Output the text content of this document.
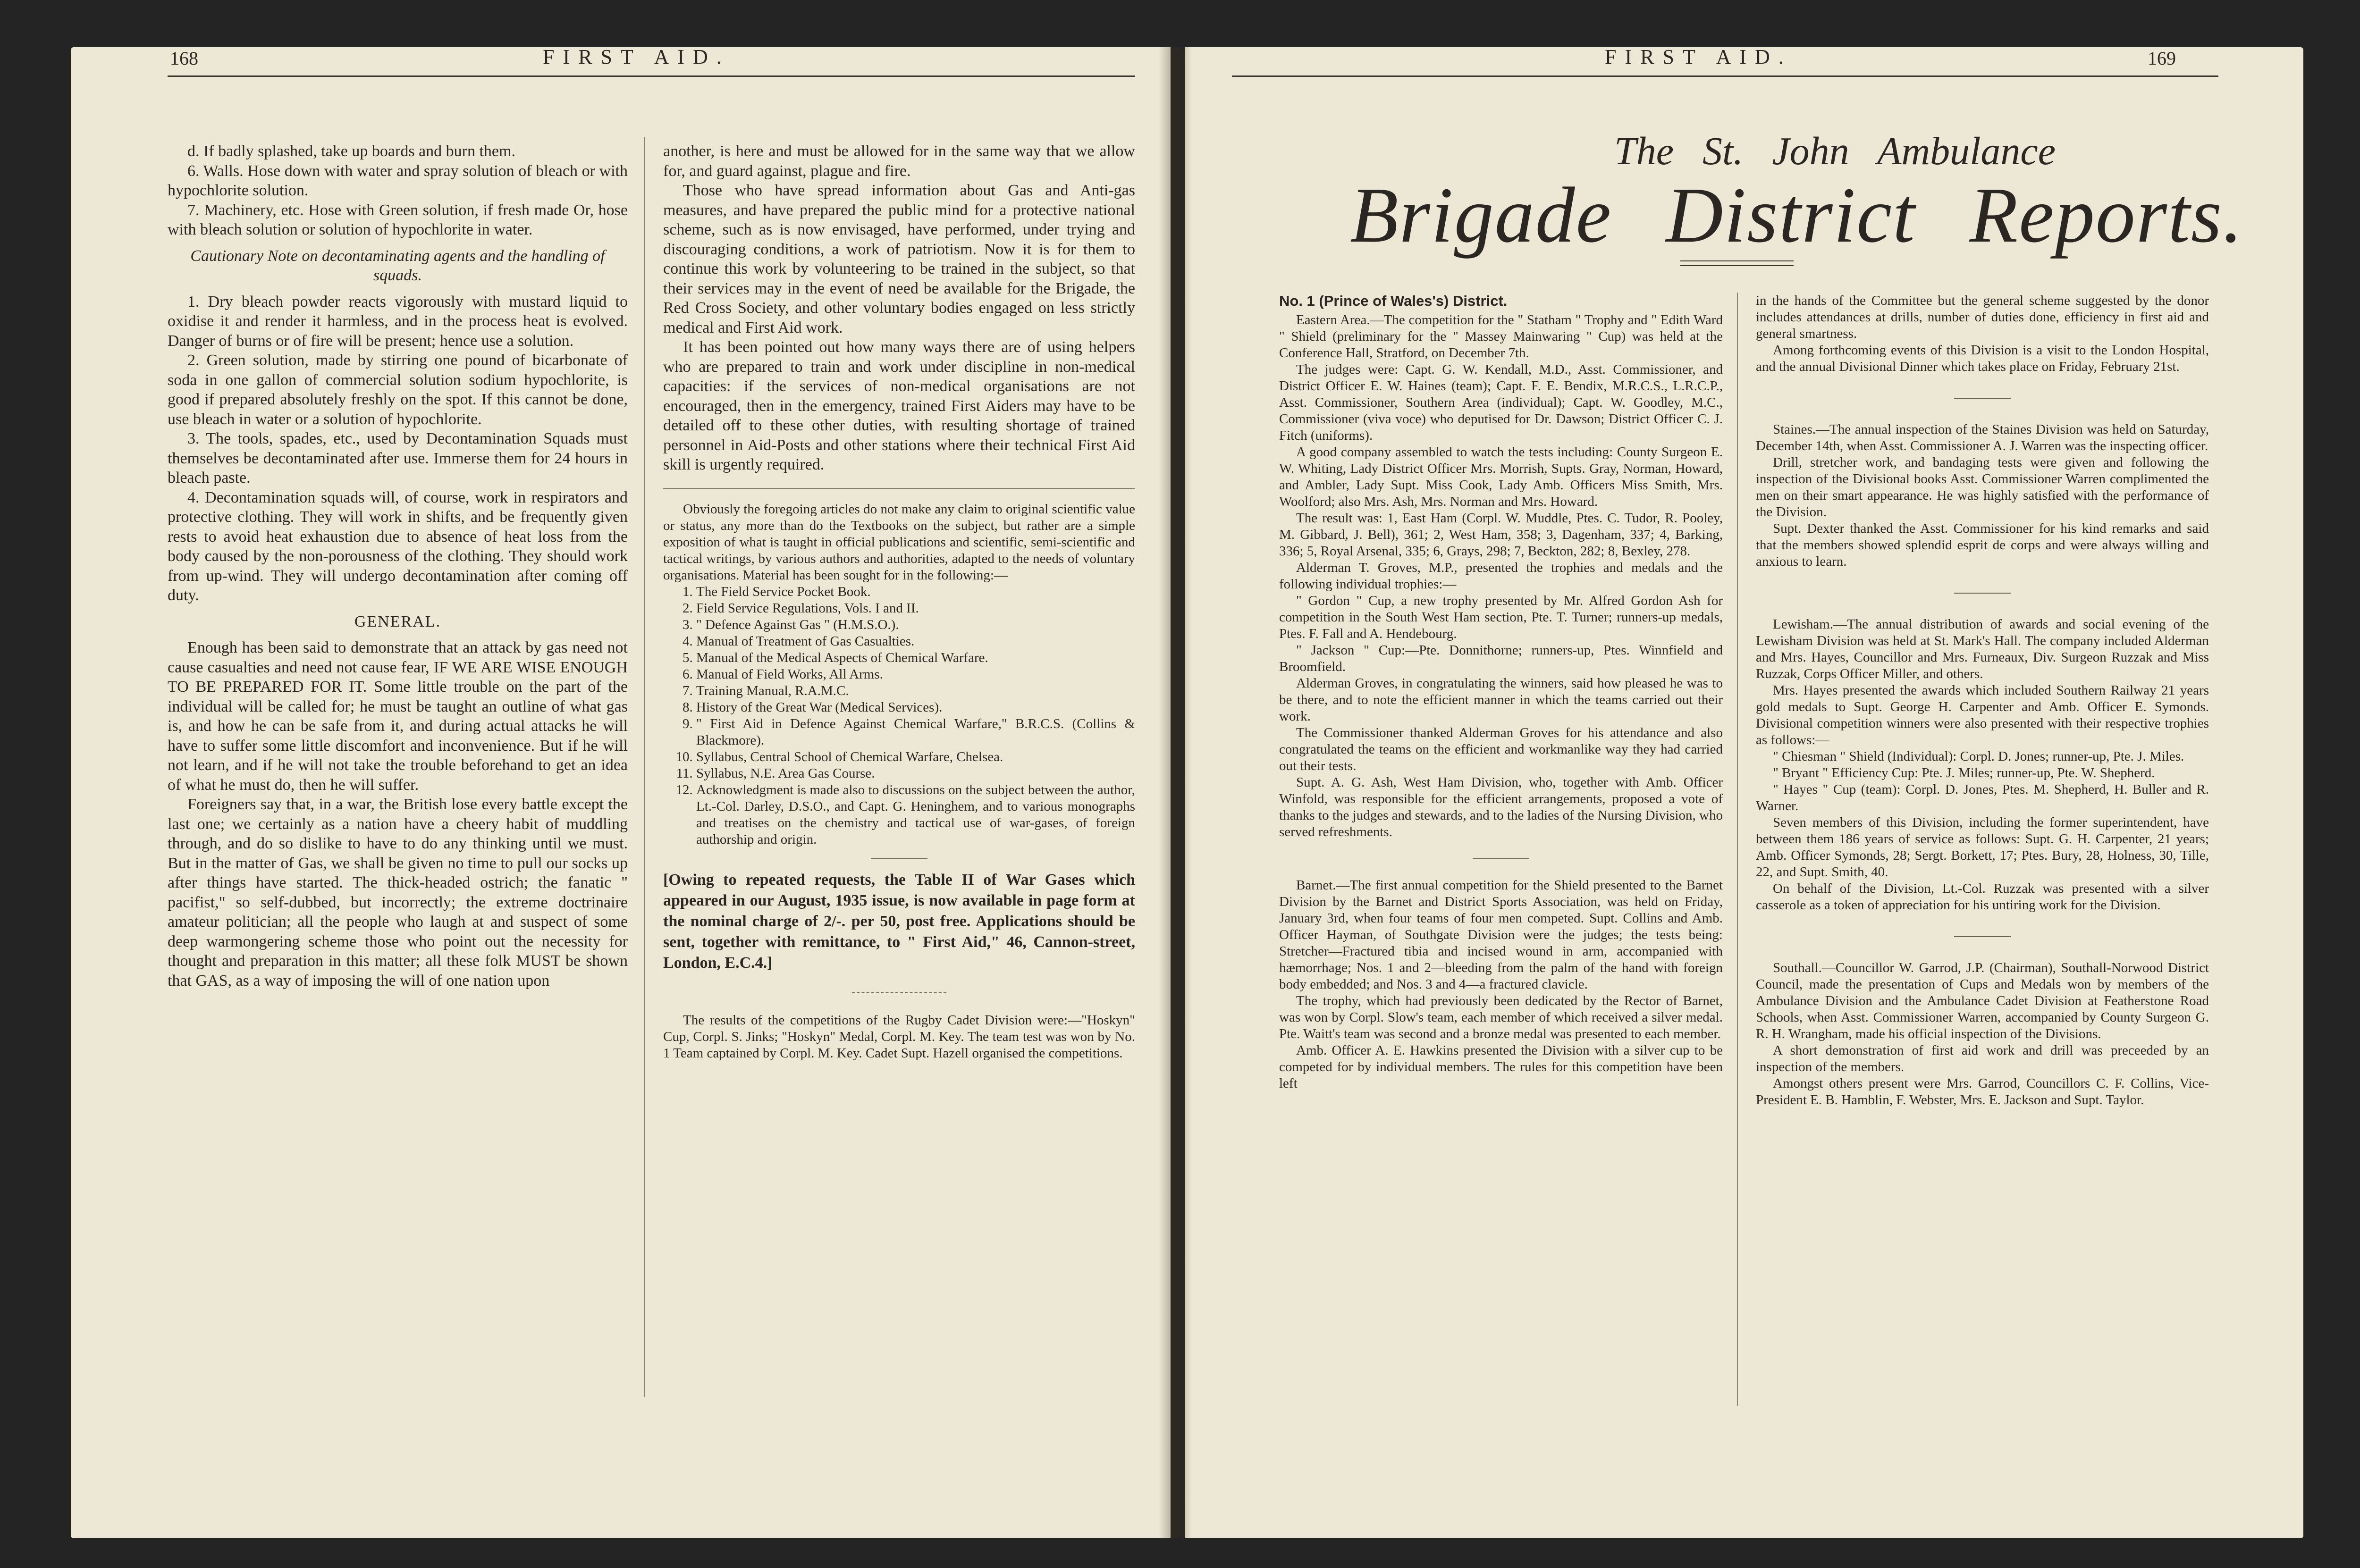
168	FIRST AID.

d. If badly splashed, take up boards and burn them.

6. Walls. Hose down with water and spray solution of bleach or with hypochlorite solution.

7. Machinery, etc. Hose with Green solution, if fresh made Or, hose with bleach solution or solution of hypochlorite in water.

Cautionary Note on decontaminating agents and the handling of squads.

1. Dry bleach powder reacts vigorously with mustard liquid to oxidise it and render it harmless, and in the process heat is evolved. Danger of burns or of fire will be present; hence use a solution.

2. Green solution, made by stirring one pound of bicarbonate of soda in one gallon of commercial solution sodium hypochlorite, is good if prepared absolutely freshly on the spot. If this cannot be done, use bleach in water or a solution of hypochlorite.

3. The tools, spades, etc., used by Decontamination Squads must themselves be decontaminated after use. Immerse them for 24 hours in bleach paste.

4. Decontamination squads will, of course, work in respirators and protective clothing. They will work in shifts, and be frequently given rests to avoid heat exhaustion due to absence of heat loss from the body caused by the non-porousness of the clothing. They should work from up-wind. They will undergo decontamination after coming off duty.

GENERAL.

Enough has been said to demonstrate that an attack by gas need not cause casualties and need not cause fear, IF WE ARE WISE ENOUGH TO BE PREPARED FOR IT. Some little trouble on the part of the individual will be called for; he must be taught an outline of what gas is, and how he can be safe from it, and during actual attacks he will have to suffer some little discomfort and inconvenience. But if he will not learn, and if he will not take the trouble beforehand to get an idea of what he must do, then he will suffer.

Foreigners say that, in a war, the British lose every battle except the last one; we certainly as a nation have a cheery habit of muddling through, and do so dislike to have to do any thinking until we must. But in the matter of Gas, we shall be given no time to pull our socks up after things have started. The thick-headed ostrich; the fanatic " pacifist," so self-dubbed, but incorrectly; the extreme doctrinaire amateur politician; all the people who laugh at and suspect of some deep warmongering scheme those who point out the necessity for thought and preparation in this matter; all these folk MUST be shown that GAS, as a way of imposing the will of one nation upon

another, is here and must be allowed for in the same way that we allow for, and guard against, plague and fire.

Those who have spread information about Gas and Anti-gas measures, and have prepared the public mind for a protective national scheme, such as is now envisaged, have performed, under trying and discouraging conditions, a work of patriotism. Now it is for them to continue this work by volunteering to be trained in the subject, so that their services may in the event of need be available for the Brigade, the Red Cross Society, and other voluntary bodies engaged on less strictly medical and First Aid work.

It has been pointed out how many ways there are of using helpers who are prepared to train and work under discipline in non-medical capacities: if the services of non-medical organisations are not encouraged, then in the emergency, trained First Aiders may have to be detailed off to these other duties, with resulting shortage of trained personnel in Aid-Posts and other stations where their technical First Aid skill is urgently required.

Obviously the foregoing articles do not make any claim to original scientific value or status, any more than do the Textbooks on the subject, but rather are a simple exposition of what is taught in official publications and scientific, semi-scientific and tactical writings, by various authors and authorities, adapted to the needs of voluntary organisations. Material has been sought for in the following:—

1. The Field Service Pocket Book.
2. Field Service Regulations, Vols. I and II.
3. " Defence Against Gas " (H.M.S.O.).
4. Manual of Treatment of Gas Casualties.
5. Manual of the Medical Aspects of Chemical Warfare.
6. Manual of Field Works, All Arms.
7. Training Manual, R.A.M.C.
8. History of the Great War (Medical Services).
9. " First Aid in Defence Against Chemical Warfare," B.R.C.S. (Collins & Blackmore).
10. Syllabus, Central School of Chemical Warfare, Chelsea.
11. Syllabus, N.E. Area Gas Course.
12. Acknowledgment is made also to discussions on the subject between the author, Lt.-Col. Darley, D.S.O., and Capt. G. Heninghem, and to various monographs and treatises on the chemistry and tactical use of war-gases, of foreign authorship and origin.

[Owing to repeated requests, the Table II of War Gases which appeared in our August, 1935 issue, is now available in page form at the nominal charge of 2/-. per 50, post free. Applications should be sent, together with remittance, to " First Aid," 46, Cannon-street, London, E.C.4.]

The results of the competitions of the Rugby Cadet Division were:—"Hoskyn" Cup, Corpl. S. Jinks; "Hoskyn" Medal, Corpl. M. Key. The team test was won by No. 1 Team captained by Corpl. M. Key. Cadet Supt. Hazell organised the competitions.

FIRST AID.	169
The St. John Ambulance
Brigade District Reports.

No. 1 (Prince of Wales's) District.

Eastern Area.—The competition for the " Statham " Trophy and " Edith Ward " Shield (preliminary for the " Massey Mainwaring " Cup) was held at the Conference Hall, Stratford, on December 7th.

The judges were: Capt. G. W. Kendall, M.D., Asst. Commissioner, and District Officer E. W. Haines (team); Capt. F. E. Bendix, M.R.C.S., L.R.C.P., Asst. Commissioner, Southern Area (individual); Capt. W. Goodley, M.C., Commissioner (viva voce) who deputised for Dr. Dawson; District Officer C. J. Fitch (uniforms).

A good company assembled to watch the tests including: County Surgeon E. W. Whiting, Lady District Officer Mrs. Morrish, Supts. Gray, Norman, Howard, and Ambler, Lady Supt. Miss Cook, Lady Amb. Officers Miss Smith, Mrs. Woolford; also Mrs. Ash, Mrs. Norman and Mrs. Howard.

The result was: 1, East Ham (Corpl. W. Muddle, Ptes. C. Tudor, R. Pooley, M. Gibbard, J. Bell), 361; 2, West Ham, 358; 3, Dagenham, 337; 4, Barking, 336; 5, Royal Arsenal, 335; 6, Grays, 298; 7, Beckton, 282; 8, Bexley, 278.

Alderman T. Groves, M.P., presented the trophies and medals and the following individual trophies:—

" Gordon " Cup, a new trophy presented by Mr. Alfred Gordon Ash for competition in the South West Ham section, Pte. T. Turner; runners-up medals, Ptes. F. Fall and A. Hendebourg.

" Jackson " Cup:—Pte. Donnithorne; runners-up, Ptes. Winnfield and Broomfield.

Alderman Groves, in congratulating the winners, said how pleased he was to be there, and to note the efficient manner in which the teams carried out their work.

The Commissioner thanked Alderman Groves for his attendance and also congratulated the teams on the efficient and workmanlike way they had carried out their tests.

Supt. A. G. Ash, West Ham Division, who, together with Amb. Officer Winfold, was responsible for the efficient arrangements, proposed a vote of thanks to the judges and stewards, and to the ladies of the Nursing Division, who served refreshments.

Barnet.—The first annual competition for the Shield presented to the Barnet Division by the Barnet and District Sports Association, was held on Friday, January 3rd, when four teams of four men competed. Supt. Collins and Amb. Officer Hayman, of Southgate Division were the judges; the tests being: Stretcher—Fractured tibia and incised wound in arm, accompanied with hæmorrhage; Nos. 1 and 2—bleeding from the palm of the hand with foreign body embedded; and Nos. 3 and 4—a fractured clavicle.

The trophy, which had previously been dedicated by the Rector of Barnet, was won by Corpl. Slow's team, each member of which received a silver medal. Pte. Waitt's team was second and a bronze medal was presented to each member.

Amb. Officer A. E. Hawkins presented the Division with a silver cup to be competed for by individual members. The rules for this competition have been left

in the hands of the Committee but the general scheme suggested by the donor includes attendances at drills, number of duties done, efficiency in first aid and general smartness.

Among forthcoming events of this Division is a visit to the London Hospital, and the annual Divisional Dinner which takes place on Friday, February 21st.

Staines.—The annual inspection of the Staines Division was held on Saturday, December 14th, when Asst. Commissioner A. J. Warren was the inspecting officer.

Drill, stretcher work, and bandaging tests were given and following the inspection of the Divisional books Asst. Commissioner Warren complimented the men on their smart appearance. He was highly satisfied with the performance of the Division.

Supt. Dexter thanked the Asst. Commissioner for his kind remarks and said that the members showed splendid esprit de corps and were always willing and anxious to learn.

Lewisham.—The annual distribution of awards and social evening of the Lewisham Division was held at St. Mark's Hall. The company included Alderman and Mrs. Hayes, Councillor and Mrs. Furneaux, Div. Surgeon Ruzzak and Miss Ruzzak, Corps Officer Miller, and others.

Mrs. Hayes presented the awards which included Southern Railway 21 years gold medals to Supt. George H. Carpenter and Amb. Officer E. Symonds. Divisional competition winners were also presented with their respective trophies as follows:—

" Chiesman " Shield (Individual): Corpl. D. Jones; runner-up, Pte. J. Miles.

" Bryant " Efficiency Cup: Pte. J. Miles; runner-up, Pte. W. Shepherd.

" Hayes " Cup (team): Corpl. D. Jones, Ptes. M. Shepherd, H. Buller and R. Warner.

Seven members of this Division, including the former superintendent, have between them 186 years of service as follows: Supt. G. H. Carpenter, 21 years; Amb. Officer Symonds, 28; Sergt. Borkett, 17; Ptes. Bury, 28, Holness, 30, Tille, 22, and Supt. Smith, 40.

On behalf of the Division, Lt.-Col. Ruzzak was presented with a silver casserole as a token of appreciation for his untiring work for the Division.

Southall.—Councillor W. Garrod, J.P. (Chairman), Southall-Norwood District Council, made the presentation of Cups and Medals won by members of the Ambulance Division and the Ambulance Cadet Division at Featherstone Road Schools, when Asst. Commissioner Warren, accompanied by County Surgeon G. R. H. Wrangham, made his official inspection of the Divisions.

A short demonstration of first aid work and drill was preceeded by an inspection of the members.

Amongst others present were Mrs. Garrod, Councillors C. F. Collins, Vice-President E. B. Hamblin, F. Webster, Mrs. E. Jackson and Supt. Taylor.
